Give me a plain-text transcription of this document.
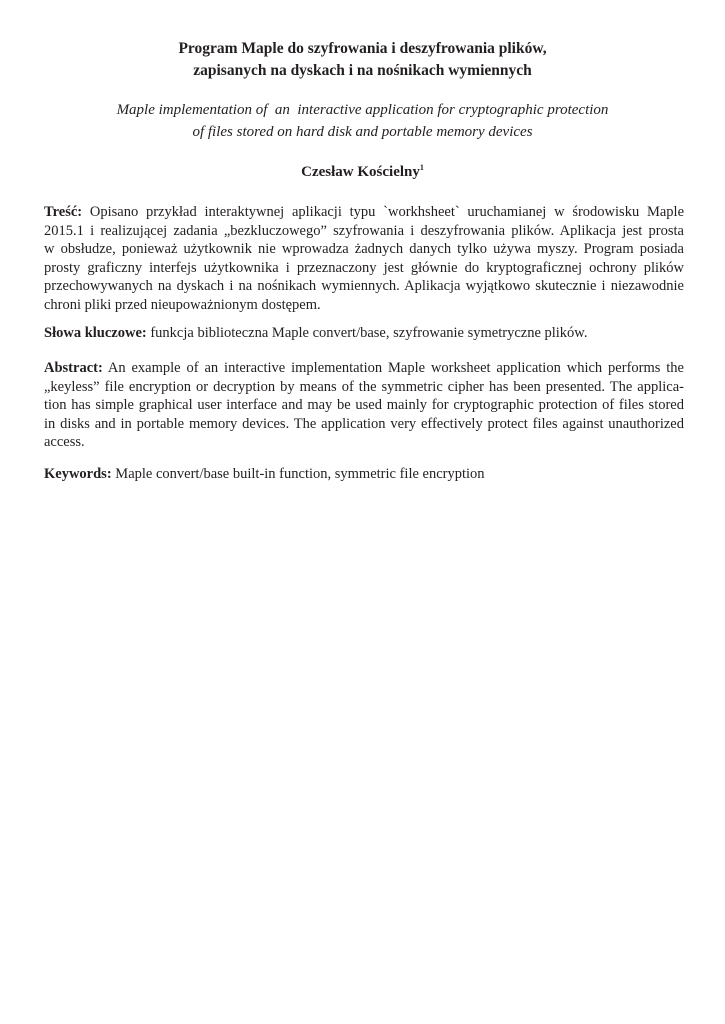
Program Maple do szyfrowania i deszyfrowania plików,
zapisanych na dyskach i na nośnikach wymiennych
Maple implementation of  an  interactive application for cryptographic protection
of files stored on hard disk and portable memory devices
Czesław Kościelny$^1$
Treść: Opisano przykład interaktywnej aplikacji typu `workhsheet` uruchamianej w środowisku Maple
2015.1 i realizującej zadania „bezkluczowego” szyfrowania i deszyfrowania plików. Aplikacja jest prosta
w obsłudze, ponieważ użytkownik nie wprowadza żadnych danych tylko używa myszy. Program posiada
prosty graficzny interfejs użytkownika i przeznaczony jest głównie do kryptograficznej ochrony plików
przechowywanych na dyskach i na nośnikach wymiennych. Aplikacja wyjątkowo skutecznie i niezawodnie
chroni pliki przed nieupoważnionym dostępem.
Słowa kluczowe: funkcja biblioteczna Maple convert/base, szyfrowanie symetryczne plików.
Abstract: An example of an interactive implementation Maple worksheet application which performs the
„keyless” file encryption or decryption by means of the symmetric cipher has been presented. The applica-
tion has simple graphical user interface and may be used mainly for cryptographic protection of files stored
in disks and in portable memory devices. The application very effectively protect files against unauthorized
access.
Keywords: Maple convert/base built-in function, symmetric file encryption
